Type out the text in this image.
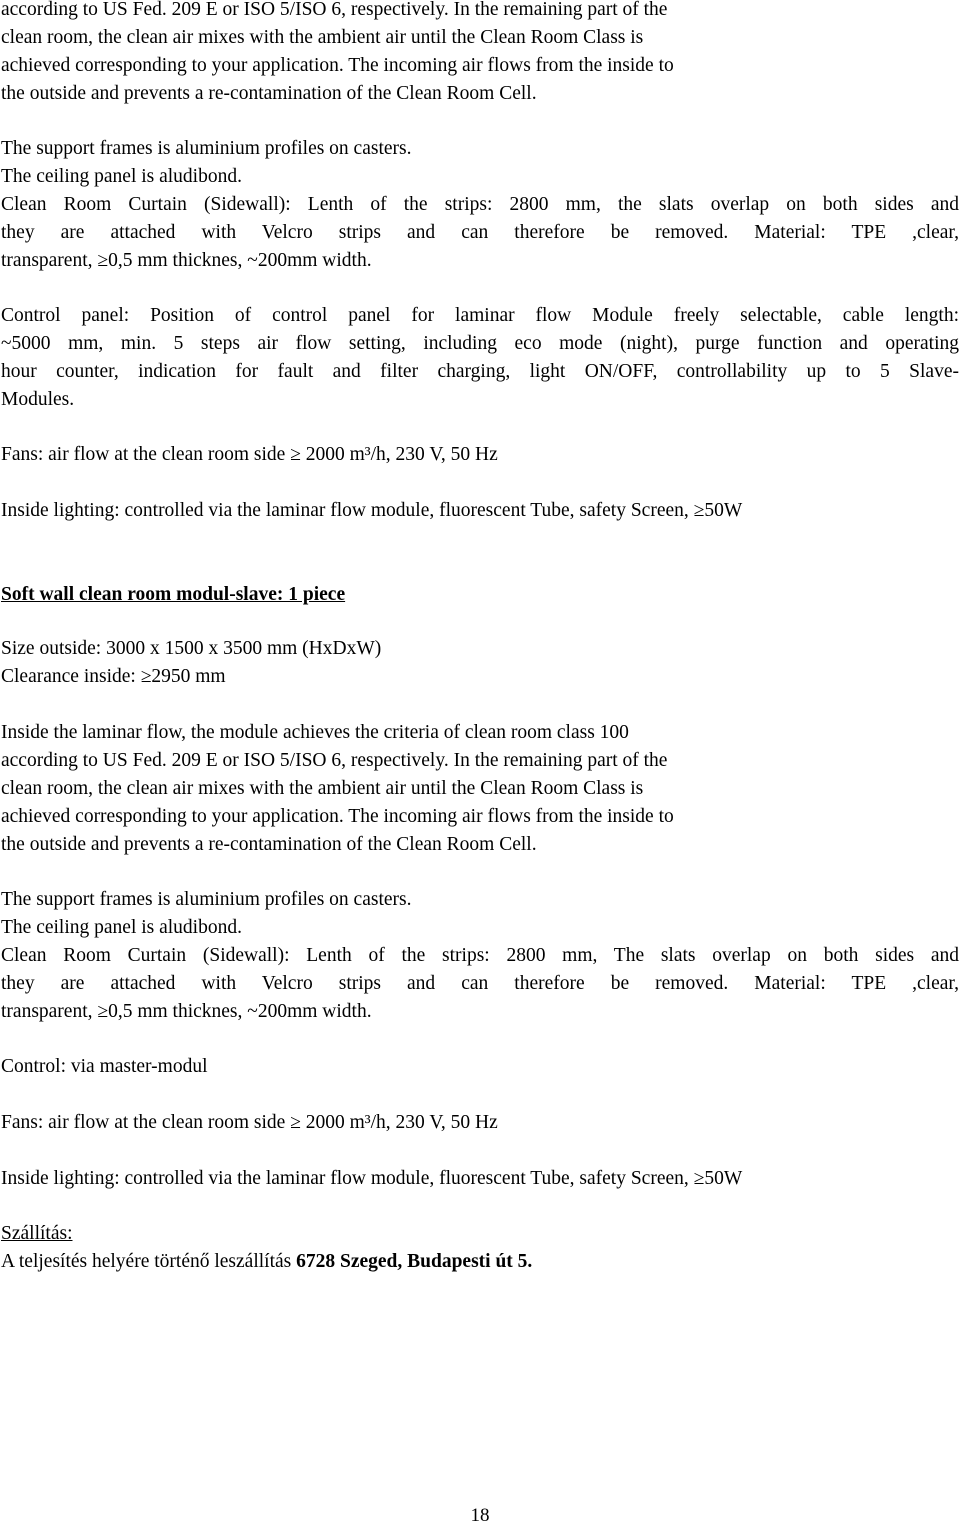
according to US Fed. 209 E or ISO 5/ISO 6, respectively. In the remaining part of the
clean room, the clean air mixes with the ambient air until the Clean Room Class is
achieved corresponding to your application. The incoming air flows from the inside to
the outside and prevents a re-contamination of the Clean Room Cell.
The support frames is aluminium profiles on casters.
The ceiling panel is aludibond.
Clean Room Curtain (Sidewall): Lenth of the strips: 2800 mm, the slats overlap on both sides and
they are attached with Velcro strips and can therefore be removed. Material: TPE ,clear,
transparent, ≥0,5 mm thicknes, ~200mm width.
Control panel: Position of control panel for laminar flow Module freely selectable, cable length:
~5000 mm, min. 5 steps air flow setting, including eco mode (night), purge function and operating
hour counter, indication for fault and filter charging, light ON/OFF, controllability up to 5 Slave-
Modules.
Fans: air flow at the clean room side ≥ 2000 m³/h, 230 V, 50 Hz
Inside lighting: controlled via the laminar flow module, fluorescent Tube, safety Screen, ≥50W
Soft wall clean room modul-slave: 1 piece
Size outside: 3000 x 1500 x 3500 mm (HxDxW)
Clearance inside: ≥2950 mm
Inside the laminar flow, the module achieves the criteria of clean room class 100
according to US Fed. 209 E or ISO 5/ISO 6, respectively. In the remaining part of the
clean room, the clean air mixes with the ambient air until the Clean Room Class is
achieved corresponding to your application. The incoming air flows from the inside to
the outside and prevents a re-contamination of the Clean Room Cell.
The support frames is aluminium profiles on casters.
The ceiling panel is aludibond.
Clean Room Curtain (Sidewall): Lenth of the strips: 2800 mm, The slats overlap on both sides and
they are attached with Velcro strips and can therefore be removed. Material: TPE ,clear,
transparent, ≥0,5 mm thicknes, ~200mm width.
Control: via master-modul
Fans: air flow at the clean room side ≥ 2000 m³/h, 230 V, 50 Hz
Inside lighting: controlled via the laminar flow module, fluorescent Tube, safety Screen, ≥50W
Szállítás:
A teljesítés helyére történő leszállítás 6728 Szeged, Budapesti út 5.
18
